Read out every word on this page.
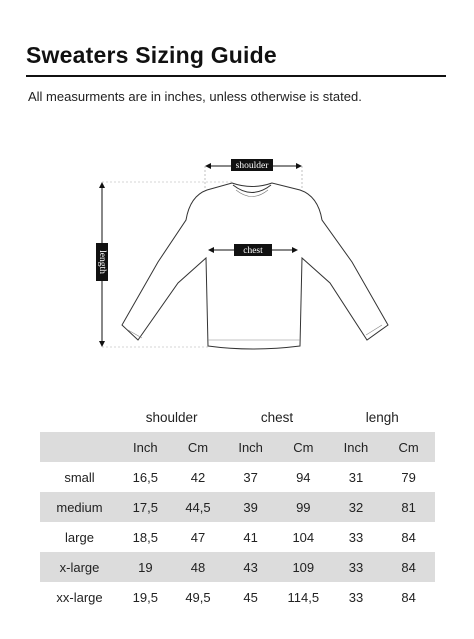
Sweaters Sizing Guide
All measurments are in inches, unless otherwise is stated.
shoulder
chest
length
	shoulder		chest		lengh	
	Inch	Cm	Inch	Cm	Inch	Cm
small	16,5	42	37	94	31	79
medium	17,5	44,5	39	99	32	81
large	18,5	47	41	104	33	84
x-large	19	48	43	109	33	84
xx-large	19,5	49,5	45	114,5	33	84
